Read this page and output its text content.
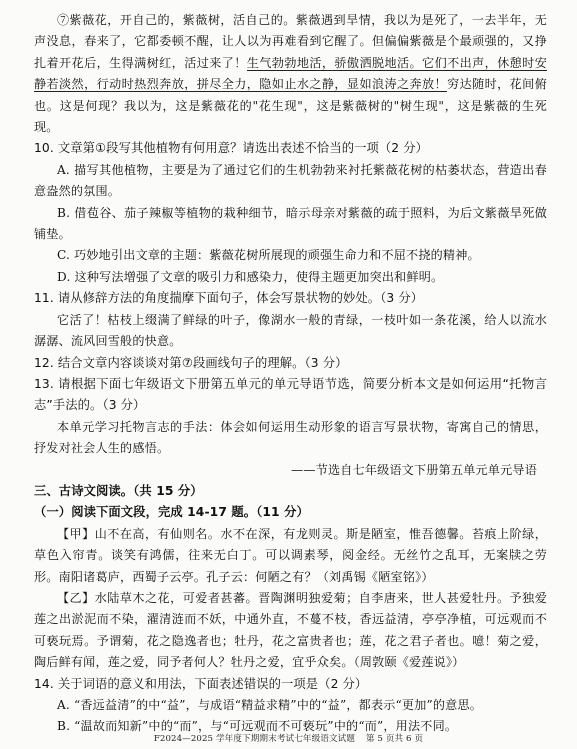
⑦紫薇花，开自己的，紫薇树，活自己的。紫薇遇到旱情，我以为是死了，一去半年，无声没息，春来了，它都委顿不醒，让人以为再难看到它醒了。但偏偏紫薇是个最顽强的，又挣扎着开花后，生得满树红，活过来了！生气勃勃地活，骄傲洒脱地活。它们不出声，休憩时安静若淡然，行动时热烈奔放，拼尽全力，隐如止水之静，显如浪涛之奔放！穷达随时，花间俯也。这是何现？我以为，这是紫薇花的"花生现"，这是紫薇树的"树生现"，这是紫薇的生死现。
10. 文章第①段写其他植物有何用意？请选出表述不恰当的一项（2 分）
A. 描写其他植物，主要是为了通过它们的生机勃勃来衬托紫薇花树的枯萎状态，营造出春意盎然的氛围。
B. 借苞谷、茄子辣椒等植物的栽种细节，暗示母亲对紫薇的疏于照料，为后文紫薇旱死做铺垫。
C. 巧妙地引出文章的主题：紫薇花树所展现的顽强生命力和不屈不挠的精神。
D. 这种写法增强了文章的吸引力和感染力，使得主题更加突出和鲜明。
11. 请从修辞方法的角度揣摩下面句子，体会写景状物的妙处。（3 分）
它活了！枯枝上缀满了鲜绿的叶子，像湖水一般的青绿，一枝叶如一条花溪，给人以流水潺潺、流风回雪般的快意。
12. 结合文章内容谈谈对第⑦段画线句子的理解。（3 分）
13. 请根据下面七年级语文下册第五单元的单元导语节选，简要分析本文是如何运用“托物言志”手法的。（3 分）
本单元学习托物言志的手法：体会如何运用生动形象的语言写景状物，寄寓自己的情思，抒发对社会人生的感悟。
——节选自七年级语文下册第五单元单元导语
三、古诗文阅读。（共 15 分）
（一）阅读下面文段，完成 14-17 题。（11 分）
【甲】山不在高，有仙则名。水不在深，有龙则灵。斯是陋室，惟吾德馨。苔痕上阶绿，草色入帘青。谈笑有鸿儒，往来无白丁。可以调素琴，阅金经。无丝竹之乱耳，无案牍之劳形。南阳诸葛庐，西蜀子云亭。孔子云：何陋之有？（刘禹锡《陋室铭》）
【乙】水陆草木之花，可爱者甚蕃。晋陶渊明独爱菊；自李唐来，世人甚爱牡丹。予独爱莲之出淤泥而不染，濯清涟而不妖，中通外直，不蔓不枝，香远益清，亭亭净植，可远观而不可亵玩焉。予谓菊，花之隐逸者也；牡丹，花之富贵者也；莲，花之君子者也。噫！菊之爱，陶后鲜有闻，莲之爱，同予者何人？牡丹之爱，宜乎众矣。（周敦颐《爱莲说》）
14. 关于词语的意义和用法，下面表述错误的一项是（2 分）
A. “香远益清”的中“益”，与成语“精益求精”中的“益”，都表示“更加”的意思。
B. “温故而知新”中的“而”，与“可远观而不可亵玩”中的“而”，用法不同。
F2024—2025 学年度下期期末考试七年级语文试题 第 5 页共 6 页
